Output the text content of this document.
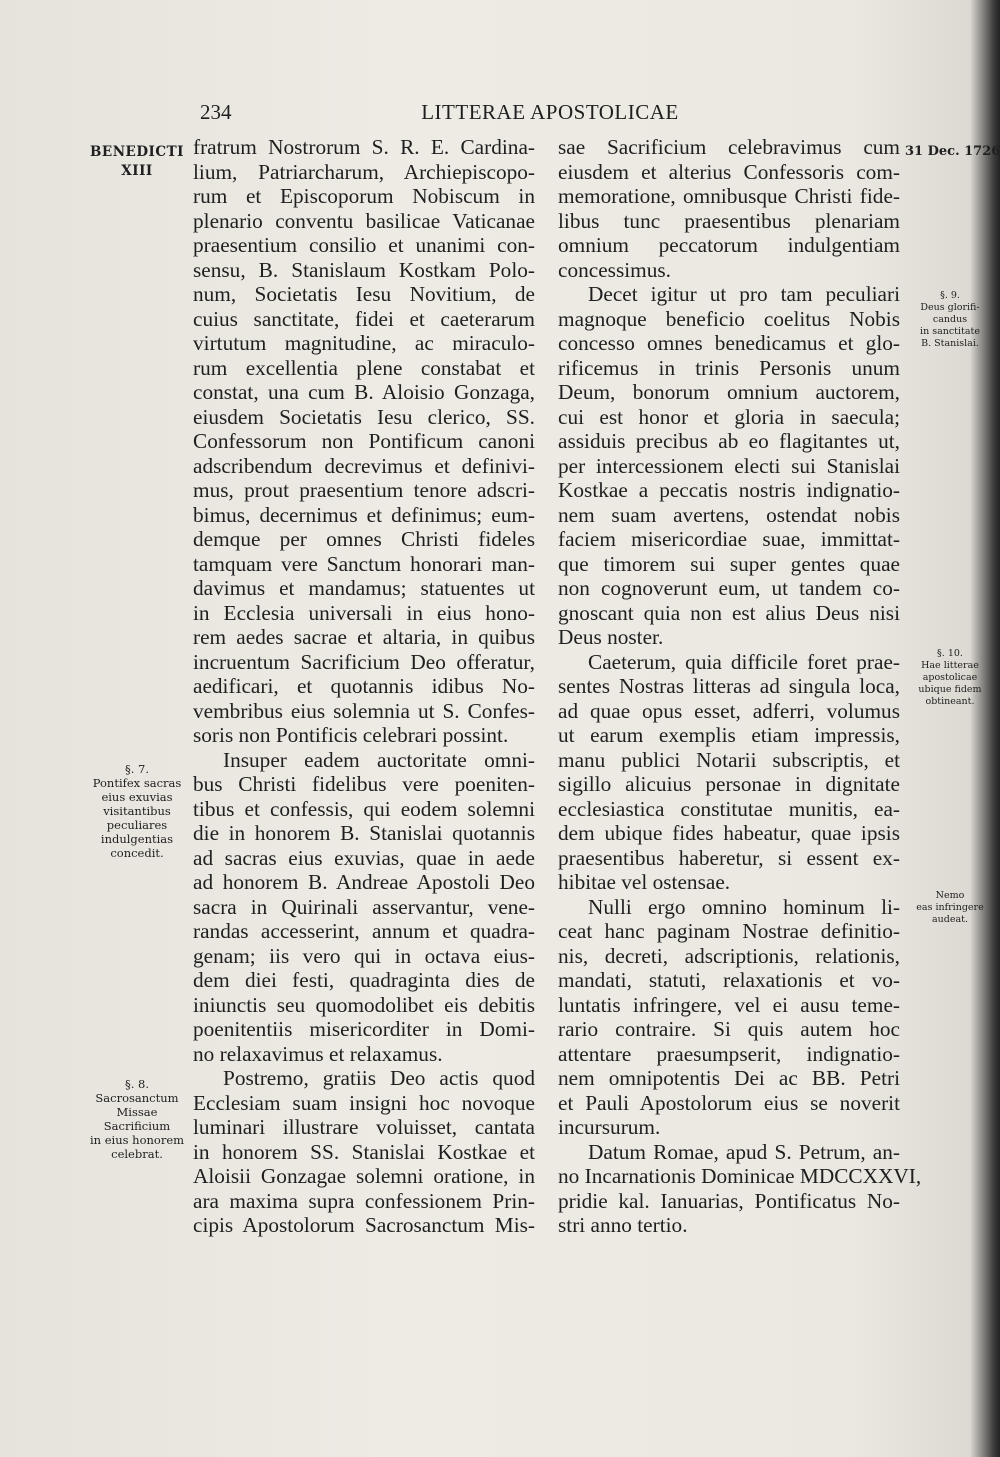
234	LITTERAE APOSTOLICAE
BENEDICTI
XIII
§. 7.
Pontifex sacras
eius exuvias
visitantibus
peculiares
indulgentias
concedit.
§. 8.
Sacrosanctum
Missae
Sacrificium
in eius honorem
celebrat.
31 Dec. 1726
§. 9.
Deus glorifi-
candus
in sanctitate
B. Stanislai.
§. 10.
Hae litterae
apostolicae
ubique fidem
obtineant.
Nemo
eas infringere
audeat.
fratrum Nostrorum S. R. E. Cardina-
lium, Patriarcharum, Archiepiscopo-
rum et Episcoporum Nobiscum in
plenario conventu basilicae Vaticanae
praesentium consilio et unanimi con-
sensu, B. Stanislaum Kostkam Polo-
num, Societatis Iesu Novitium, de
cuius sanctitate, fidei et caeterarum
virtutum magnitudine, ac miraculo-
rum excellentia plene constabat et
constat, una cum B. Aloisio Gonzaga,
eiusdem Societatis Iesu clerico, SS.
Confessorum non Pontificum canoni
adscribendum decrevimus et definivi-
mus, prout praesentium tenore adscri-
bimus, decernimus et definimus; eum-
demque per omnes Christi fideles
tamquam vere Sanctum honorari man-
davimus et mandamus; statuentes ut
in Ecclesia universali in eius hono-
rem aedes sacrae et altaria, in quibus
incruentum Sacrificium Deo offeratur,
aedificari, et quotannis idibus No-
vembribus eius solemnia ut S. Confes-
soris non Pontificis celebrari possint.
Insuper eadem auctoritate omni-
bus Christi fidelibus vere poeniten-
tibus et confessis, qui eodem solemni
die in honorem B. Stanislai quotannis
ad sacras eius exuvias, quae in aede
ad honorem B. Andreae Apostoli Deo
sacra in Quirinali asservantur, vene-
randas accesserint, annum et quadra-
genam; iis vero qui in octava eius-
dem diei festi, quadraginta dies de
iniunctis seu quomodolibet eis debitis
poenitentiis misericorditer in Domi-
no relaxavimus et relaxamus.
Postremo, gratiis Deo actis quod
Ecclesiam suam insigni hoc novoque
luminari illustrare voluisset, cantata
in honorem SS. Stanislai Kostkae et
Aloisii Gonzagae solemni oratione, in
ara maxima supra confessionem Prin-
cipis Apostolorum Sacrosanctum Mis-
sae Sacrificium celebravimus cum
eiusdem et alterius Confessoris com-
memoratione, omnibusque Christi fide-
libus tunc praesentibus plenariam
omnium peccatorum indulgentiam
concessimus.
Decet igitur ut pro tam peculiari
magnoque beneficio coelitus Nobis
concesso omnes benedicamus et glo-
rificemus in trinis Personis unum
Deum, bonorum omnium auctorem,
cui est honor et gloria in saecula;
assiduis precibus ab eo flagitantes ut,
per intercessionem electi sui Stanislai
Kostkae a peccatis nostris indignatio-
nem suam avertens, ostendat nobis
faciem misericordiae suae, immittat-
que timorem sui super gentes quae
non cognoverunt eum, ut tandem co-
gnoscant quia non est alius Deus nisi
Deus noster.
Caeterum, quia difficile foret prae-
sentes Nostras litteras ad singula loca,
ad quae opus esset, adferri, volumus
ut earum exemplis etiam impressis,
manu publici Notarii subscriptis, et
sigillo alicuius personae in dignitate
ecclesiastica constitutae munitis, ea-
dem ubique fides habeatur, quae ipsis
praesentibus haberetur, si essent ex-
hibitae vel ostensae.
Nulli ergo omnino hominum li-
ceat hanc paginam Nostrae definitio-
nis, decreti, adscriptionis, relationis,
mandati, statuti, relaxationis et vo-
luntatis infringere, vel ei ausu teme-
rario contraire. Si quis autem hoc
attentare praesumpserit, indignatio-
nem omnipotentis Dei ac BB. Petri
et Pauli Apostolorum eius se noverit
incursurum.
Datum Romae, apud S. Petrum, an-
no Incarnationis Dominicae MDCCXXVI,
pridie kal. Ianuarias, Pontificatus No-
stri anno tertio.
